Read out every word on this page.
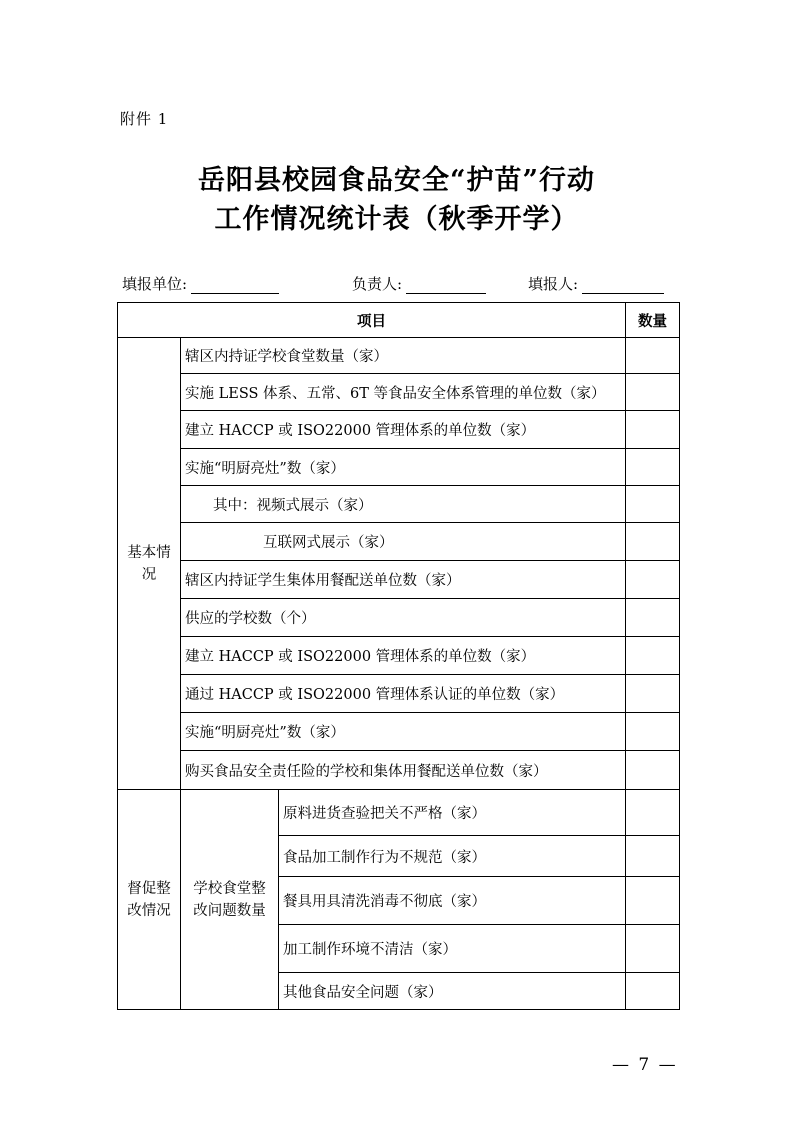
附件 1
岳阳县校园食品安全“护苗”行动
工作情况统计表（秋季开学）
填报单位:	负责人:	填报人:
项目			数量

基本情况	辖区内持证学校食堂数量（家）		
	实施 LESS 体系、五常、6T 等食品安全体系管理的单位数（家）		
	建立 HACCP 或 ISO22000 管理体系的单位数（家）		
	实施“明厨亮灶”数（家）		
	其中：视频式展示（家）		
	互联网式展示（家）		
	辖区内持证学生集体用餐配送单位数（家）		
	供应的学校数（个）		
	建立 HACCP 或 ISO22000 管理体系的单位数（家）		
	通过 HACCP 或 ISO22000 管理体系认证的单位数（家）		
	实施“明厨亮灶”数（家）		
	购买食品安全责任险的学校和集体用餐配送单位数（家）		

督促整改情况	学校食堂整改问题数量	原料进货查验把关不严格（家）	
		食品加工制作行为不规范（家）	
		餐具用具清洗消毒不彻底（家）	
		加工制作环境不清洁（家）	
		其他食品安全问题（家）	
— 7 —
